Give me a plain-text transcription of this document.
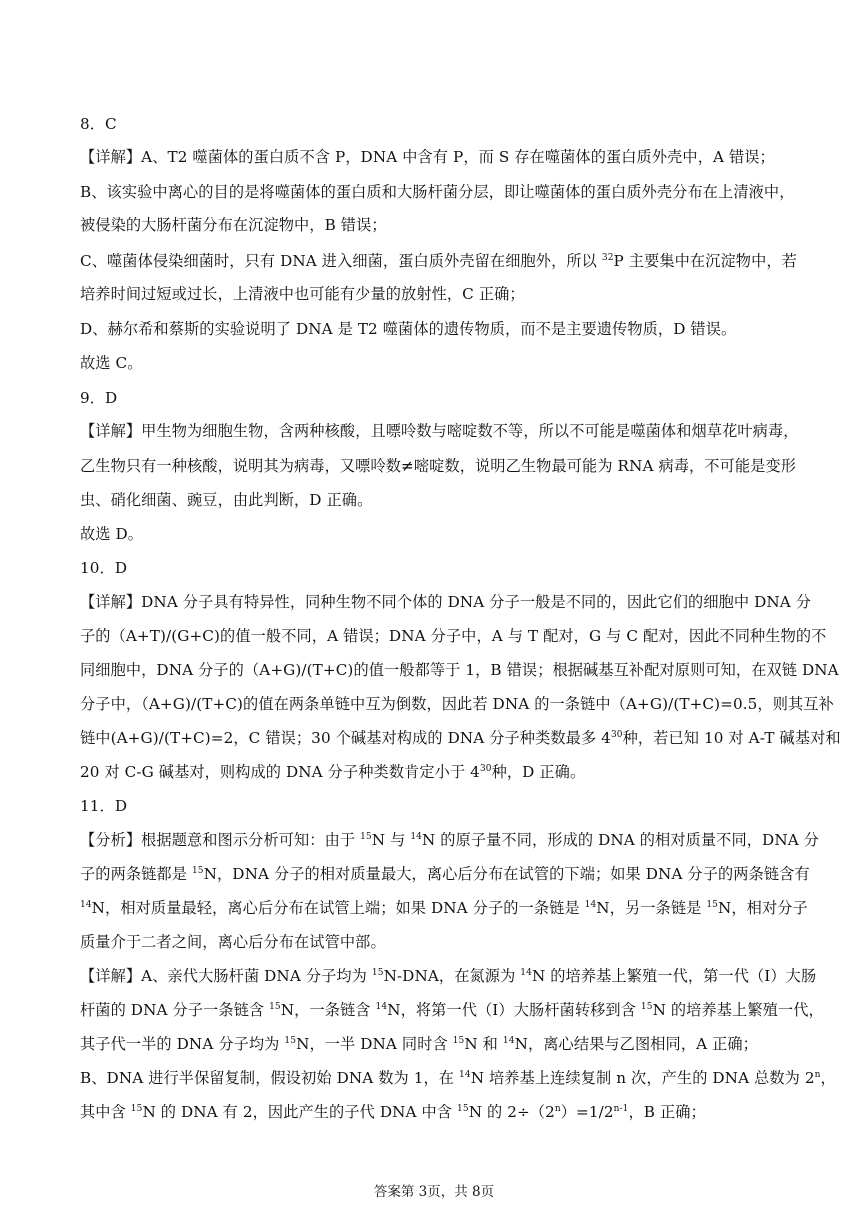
8．C
【详解】A、T2 噬菌体的蛋白质不含 P，DNA 中含有 P，而 S 存在噬菌体的蛋白质外壳中，A 错误；
B、该实验中离心的目的是将噬菌体的蛋白质和大肠杆菌分层，即让噬菌体的蛋白质外壳分布在上清液中，
被侵染的大肠杆菌分布在沉淀物中，B 错误；
C、噬菌体侵染细菌时，只有 DNA 进入细菌，蛋白质外壳留在细胞外，所以 $^{32}$P 主要集中在沉淀物中，若
培养时间过短或过长，上清液中也可能有少量的放射性，C 正确；
D、赫尔希和蔡斯的实验说明了 DNA 是 T2 噬菌体的遗传物质，而不是主要遗传物质，D 错误。
故选 C。
9．D
【详解】甲生物为细胞生物，含两种核酸，且嘌呤数与嘧啶数不等，所以不可能是噬菌体和烟草花叶病毒，
乙生物只有一种核酸，说明其为病毒，又嘌呤数≠嘧啶数，说明乙生物最可能为 RNA 病毒，不可能是变形
虫、硝化细菌、豌豆，由此判断，D 正确。
故选 D。
10．D
【详解】DNA 分子具有特异性，同种生物不同个体的 DNA 分子一般是不同的，因此它们的细胞中 DNA 分
子的（A+T)/(G+C)的值一般不同，A 错误；DNA 分子中，A 与 T 配对，G 与 C 配对，因此不同种生物的不
同细胞中，DNA 分子的（A+G)/(T+C)的值一般都等于 1，B 错误；根据碱基互补配对原则可知，在双链 DNA
分子中，（A+G)/(T+C)的值在两条单链中互为倒数，因此若 DNA 的一条链中（A+G)/(T+C)=0.5，则其互补
链中(A+G)/(T+C)=2，C 错误；30 个碱基对构成的 DNA 分子种类数最多 $4^{30}$种，若已知 10 对 A-T 碱基对和
20 对 C-G 碱基对，则构成的 DNA 分子种类数肯定小于 $4^{30}$种，D 正确。
11．D
【分析】根据题意和图示分析可知：由于 $^{15}$N 与 $^{14}$N 的原子量不同，形成的 DNA 的相对质量不同，DNA 分
子的两条链都是 $^{15}$N，DNA 分子的相对质量最大，离心后分布在试管的下端；如果 DNA 分子的两条链含有
$^{14}$N，相对质量最轻，离心后分布在试管上端；如果 DNA 分子的一条链是 $^{14}$N，另一条链是 $^{15}$N，相对分子
质量介于二者之间，离心后分布在试管中部。
【详解】A、亲代大肠杆菌 DNA 分子均为 $^{15}$N-DNA，在氮源为 $^{14}$N 的培养基上繁殖一代，第一代（I）大肠
杆菌的 DNA 分子一条链含 $^{15}$N，一条链含 $^{14}$N，将第一代（I）大肠杆菌转移到含 $^{15}$N 的培养基上繁殖一代，
其子代一半的 DNA 分子均为 $^{15}$N，一半 DNA 同时含 $^{15}$N 和 $^{14}$N，离心结果与乙图相同，A 正确；
B、DNA 进行半保留复制，假设初始 DNA 数为 1，在 $^{14}$N 培养基上连续复制 n 次，产生的 DNA 总数为 2$^n$，
其中含 $^{15}$N 的 DNA 有 2，因此产生的子代 DNA 中含 $^{15}$N 的 $2\div(2^n)=1/2^{n-1}$，B 正确；
答案第 3页，共 8页
